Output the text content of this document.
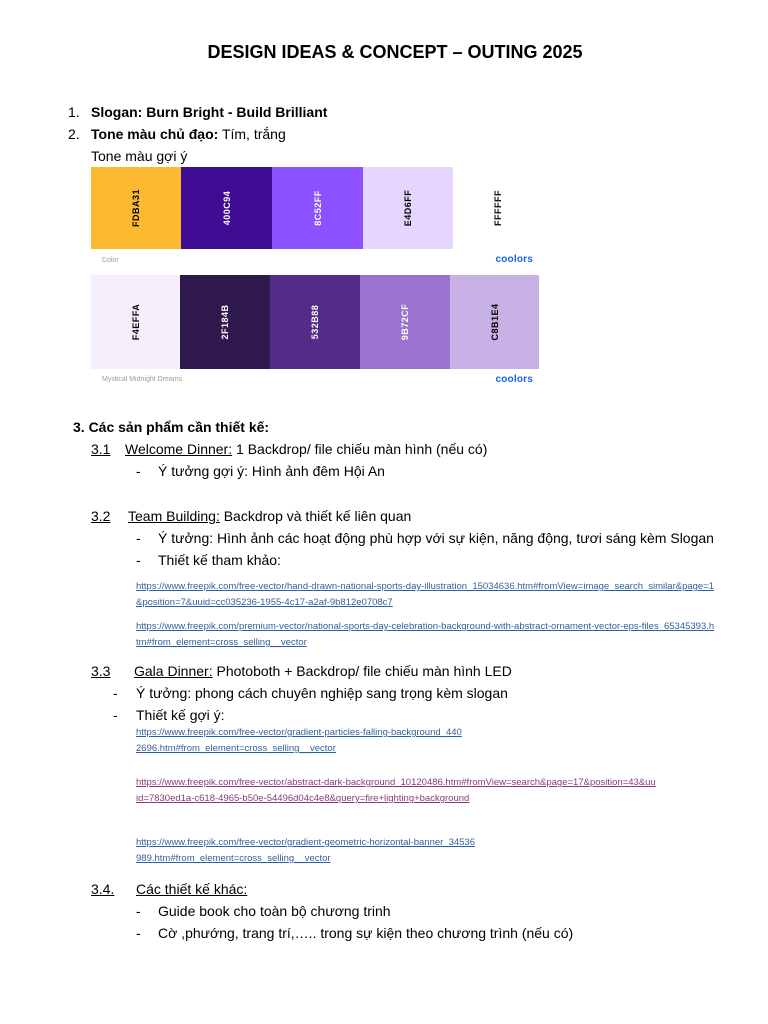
DESIGN IDEAS & CONCEPT – OUTING 2025
1. Slogan: Burn Bright - Build Brilliant
2. Tone màu chủ đạo: Tím, trắng
Tone màu gợi ý
FDBA31	400C94	8C52FF	E4D6FF	FFFFFF
Color	coolors
F4EFFA	2F184B	532B88	9B72CF	C8B1E4
Mystical Midnight Dreams	coolors
3. Các sản phẩm cần thiết kế:
3.1 Welcome Dinner: 1 Backdrop/ file chiếu màn hình (nếu có)
- Ý tưởng gợi ý: Hình ảnh đêm Hội An
3.2 Team Building: Backdrop và thiết kế liên quan
- Ý tưởng: Hình ảnh các hoạt động phù hợp với sự kiện, năng động, tươi sáng kèm Slogan
- Thiết kế tham khảo:
https://www.freepik.com/free-vector/hand-drawn-national-sports-day-illustration_15034636.htm#fromView=image_search_similar&page=1&position=7&uuid=cc035236-1955-4c17-a2af-9b812e0708c7
https://www.freepik.com/premium-vector/national-sports-day-celebration-background-with-abstract-ornament-vector-eps-files_65345393.htm#from_element=cross_selling__vector
3.3 Gala Dinner: Photoboth + Backdrop/ file chiếu màn hình LED
- Ý tưởng: phong cách chuyên nghiệp sang trọng kèm slogan
- Thiết kế gợi ý:
https://www.freepik.com/free-vector/gradient-particles-falling-background_4402696.htm#from_element=cross_selling__vector
https://www.freepik.com/free-vector/abstract-dark-background_10120486.htm#fromView=search&page=17&position=43&uuid=7830ed1a-c618-4965-b50e-54496d04c4e8&query=fire+lighting+background
https://www.freepik.com/free-vector/gradient-geometric-horizontal-banner_34536989.htm#from_element=cross_selling__vector
3.4. Các thiết kế khác:
- Guide book cho toàn bộ chương trinh
- Cờ ,phướng, trang trí,….. trong sự kiện theo chương trình (nếu có)
